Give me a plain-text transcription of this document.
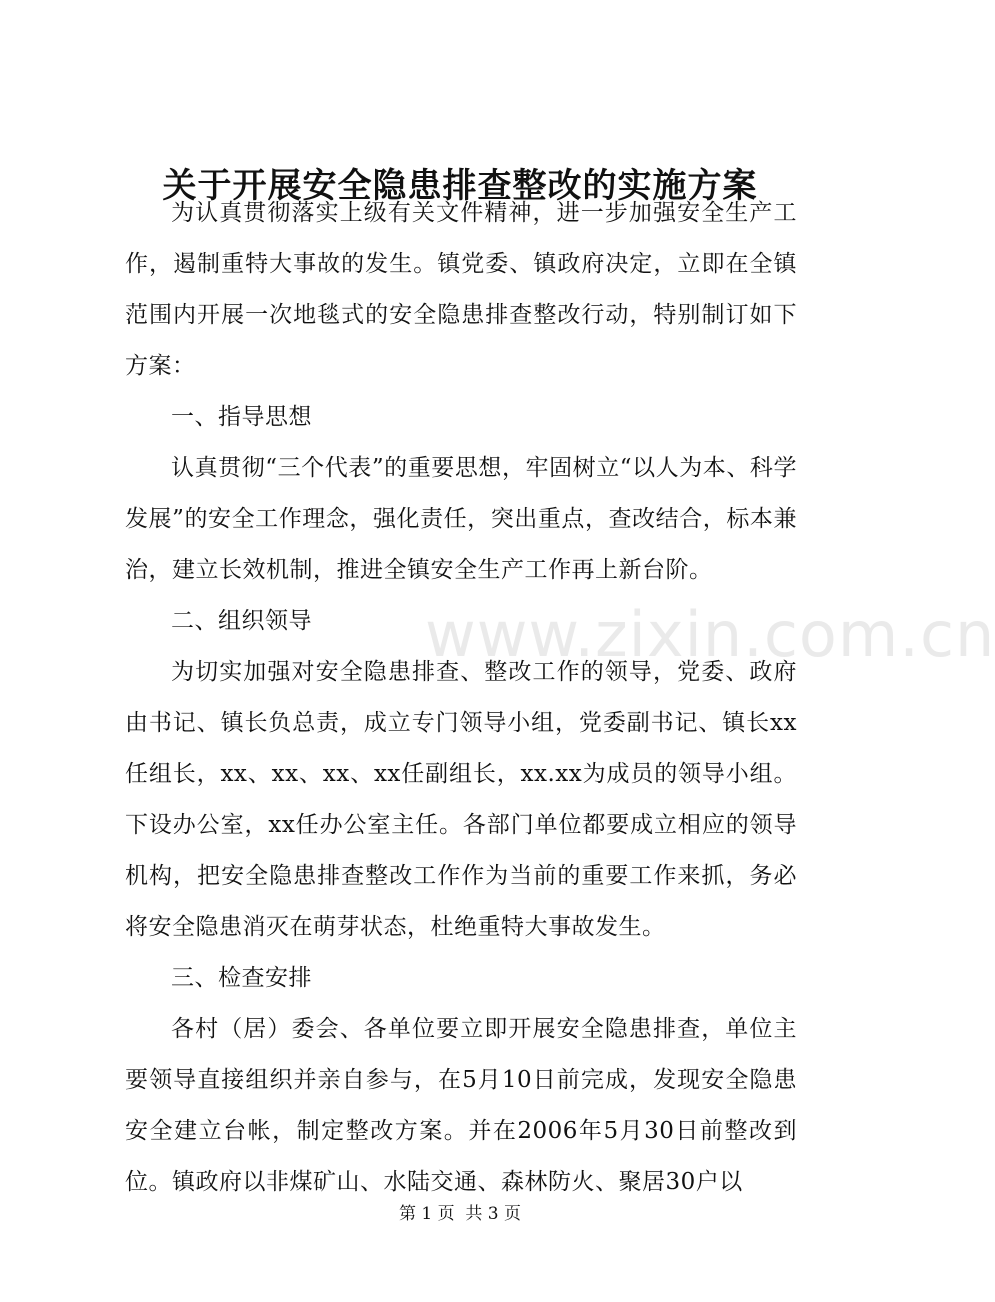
关于开展安全隐患排查整改的实施方案

为认真贯彻落实上级有关文件精神，进一步加强安全生产工作，遏制重特大事故的发生。镇党委、镇政府决定，立即在全镇范围内开展一次地毯式的安全隐患排查整改行动，特别制订如下方案：

一、指导思想

认真贯彻“三个代表”的重要思想，牢固树立“以人为本、科学发展”的安全工作理念，强化责任，突出重点，查改结合，标本兼治，建立长效机制，推进全镇安全生产工作再上新台阶。

二、组织领导

为切实加强对安全隐患排查、整改工作的领导，党委、政府由书记、镇长负总责，成立专门领导小组，党委副书记、镇长xx任组长，xx、xx、xx、xx任副组长，xx.xx为成员的领导小组。下设办公室，xx任办公室主任。各部门单位都要成立相应的领导机构，把安全隐患排查整改工作作为当前的重要工作来抓，务必将安全隐患消灭在萌芽状态，杜绝重特大事故发生。

三、检查安排

各村（居）委会、各单位要立即开展安全隐患排查，单位主要领导直接组织并亲自参与，在5月10日前完成，发现安全隐患安全建立台帐，制定整改方案。并在2006年5月30日前整改到位。镇政府以非煤矿山、水陆交通、森林防火、聚居30户以

www.zixin.com.cn
第 1 页  共 3 页
